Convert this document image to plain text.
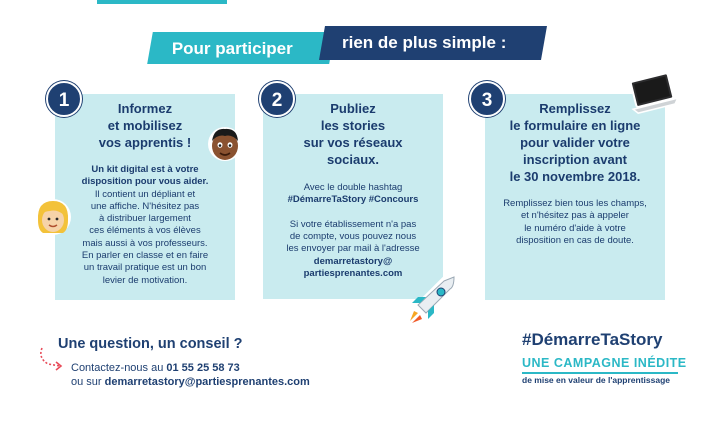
Pour participer	rien de plus simple :
Informez
et mobilisez
vos apprentis !
Un kit digital est à votre
disposition pour vous aider.
Il contient un dépliant et
une affiche. N'hésitez pas
à distribuer largement
ces éléments à vos élèves
mais aussi à vos professeurs.
En parler en classe et en faire
un travail pratique est un bon
levier de motivation.
1	Publiez
les stories
sur vos réseaux
sociaux.
Avec le double hashtag
#DémarreTaStory #Concours

Si votre établissement n'a pas
de compte, vous pouvez nous
les envoyer par mail à l'adresse
demarretastory@
partiesprenantes.com
2	Remplissez
le formulaire en ligne
pour valider votre
inscription avant
le 30 novembre 2018.
Remplissez bien tous les champs,
et n'hésitez pas à appeler
le numéro d'aide à votre
disposition en cas de doute.
3
Une question, un conseil ?
Contactez-nous au 01 55 25 58 73
ou sur demarretastory@partiesprenantes.com
#DémarreTaStory
UNE CAMPAGNE INÉDITE
de mise en valeur de l'apprentissage
